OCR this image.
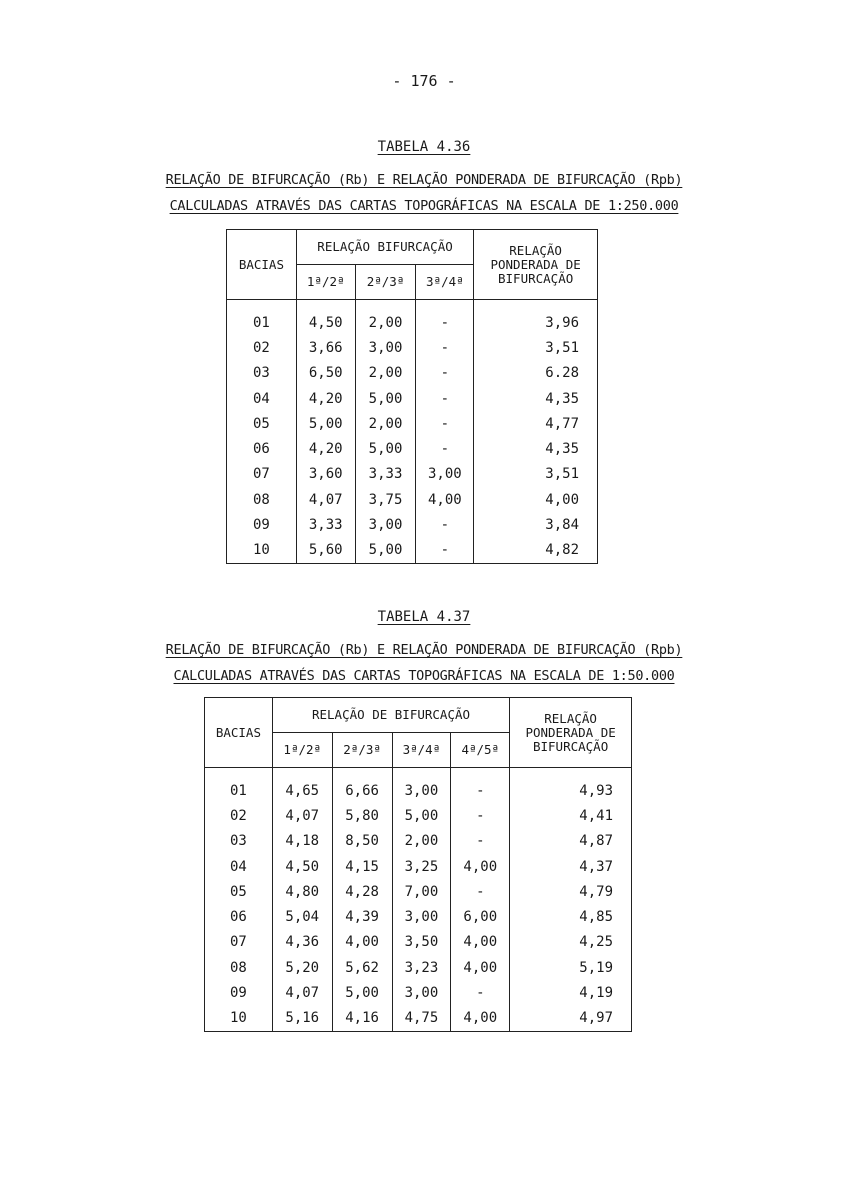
- 176 -
TABELA 4.36
RELAÇÃO DE BIFURCAÇÃO (Rb) E RELAÇÃO PONDERADA DE BIFURCAÇÃO (Rpb)
CALCULADAS ATRAVÉS DAS CARTAS TOPOGRÁFICAS NA ESCALA DE 1:250.000
BACIAS	RELAÇÃO BIFURCAÇÃO			RELAÇÃO PONDERADA DE BIFURCAÇÃO
	1ª/2ª	2ª/3ª	3ª/4ª	
01	4,50	2,00	-	3,96
02	3,66	3,00	-	3,51
03	6,50	2,00	-	6.28
04	4,20	5,00	-	4,35
05	5,00	2,00	-	4,77
06	4,20	5,00	-	4,35
07	3,60	3,33	3,00	3,51
08	4,07	3,75	4,00	4,00
09	3,33	3,00	-	3,84
10	5,60	5,00	-	4,82
TABELA 4.37
RELAÇÃO DE BIFURCAÇÃO (Rb) E RELAÇÃO PONDERADA DE BIFURCAÇÃO (Rpb)
CALCULADAS ATRAVÉS DAS CARTAS TOPOGRÁFICAS NA ESCALA DE 1:50.000
BACIAS	RELAÇÃO DE BIFURCAÇÃO				RELAÇÃO PONDERADA DE BIFURCAÇÃO
	1ª/2ª	2ª/3ª	3ª/4ª	4ª/5ª	
01	4,65	6,66	3,00	-	4,93
02	4,07	5,80	5,00	-	4,41
03	4,18	8,50	2,00	-	4,87
04	4,50	4,15	3,25	4,00	4,37
05	4,80	4,28	7,00	-	4,79
06	5,04	4,39	3,00	6,00	4,85
07	4,36	4,00	3,50	4,00	4,25
08	5,20	5,62	3,23	4,00	5,19
09	4,07	5,00	3,00	-	4,19
10	5,16	4,16	4,75	4,00	4,97
